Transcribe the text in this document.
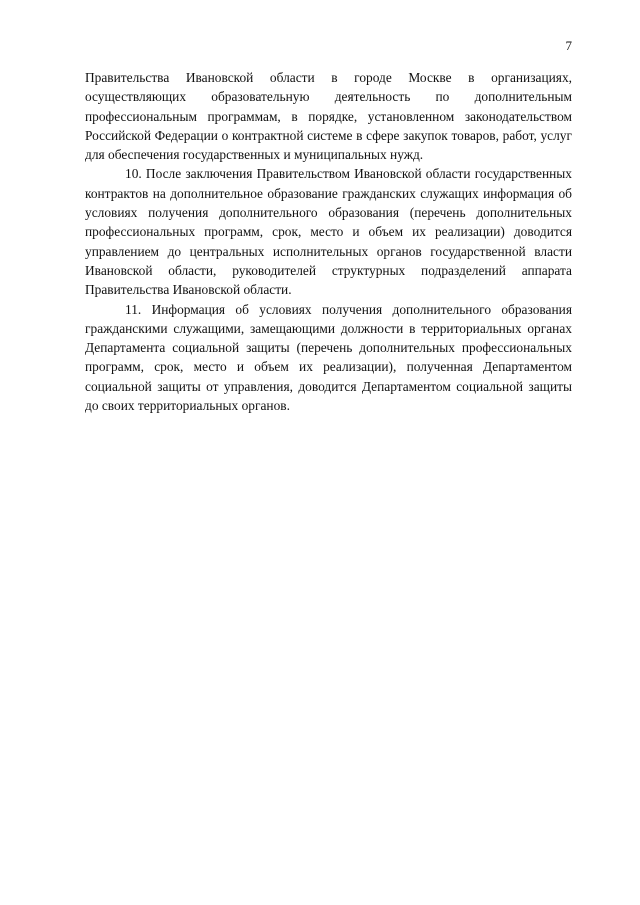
7

Правительства Ивановской области в городе Москве в организациях, осуществляющих образовательную деятельность по дополнительным профессиональным программам, в порядке, установленном законодательством Российской Федерации о контрактной системе в сфере закупок товаров, работ, услуг для обеспечения государственных и муниципальных нужд.

10. После заключения Правительством Ивановской области государственных контрактов на дополнительное образование гражданских служащих информация об условиях получения дополнительного образования (перечень дополнительных профессиональных программ, срок, место и объем их реализации) доводится управлением до центральных исполнительных органов государственной власти Ивановской области, руководителей структурных подразделений аппарата Правительства Ивановской области.

11. Информация об условиях получения дополнительного образования гражданскими служащими, замещающими должности в территориальных органах Департамента социальной защиты (перечень дополнительных профессиональных программ, срок, место и объем их реализации), полученная Департаментом социальной защиты от управления, доводится Департаментом социальной защиты до своих территориальных органов.
